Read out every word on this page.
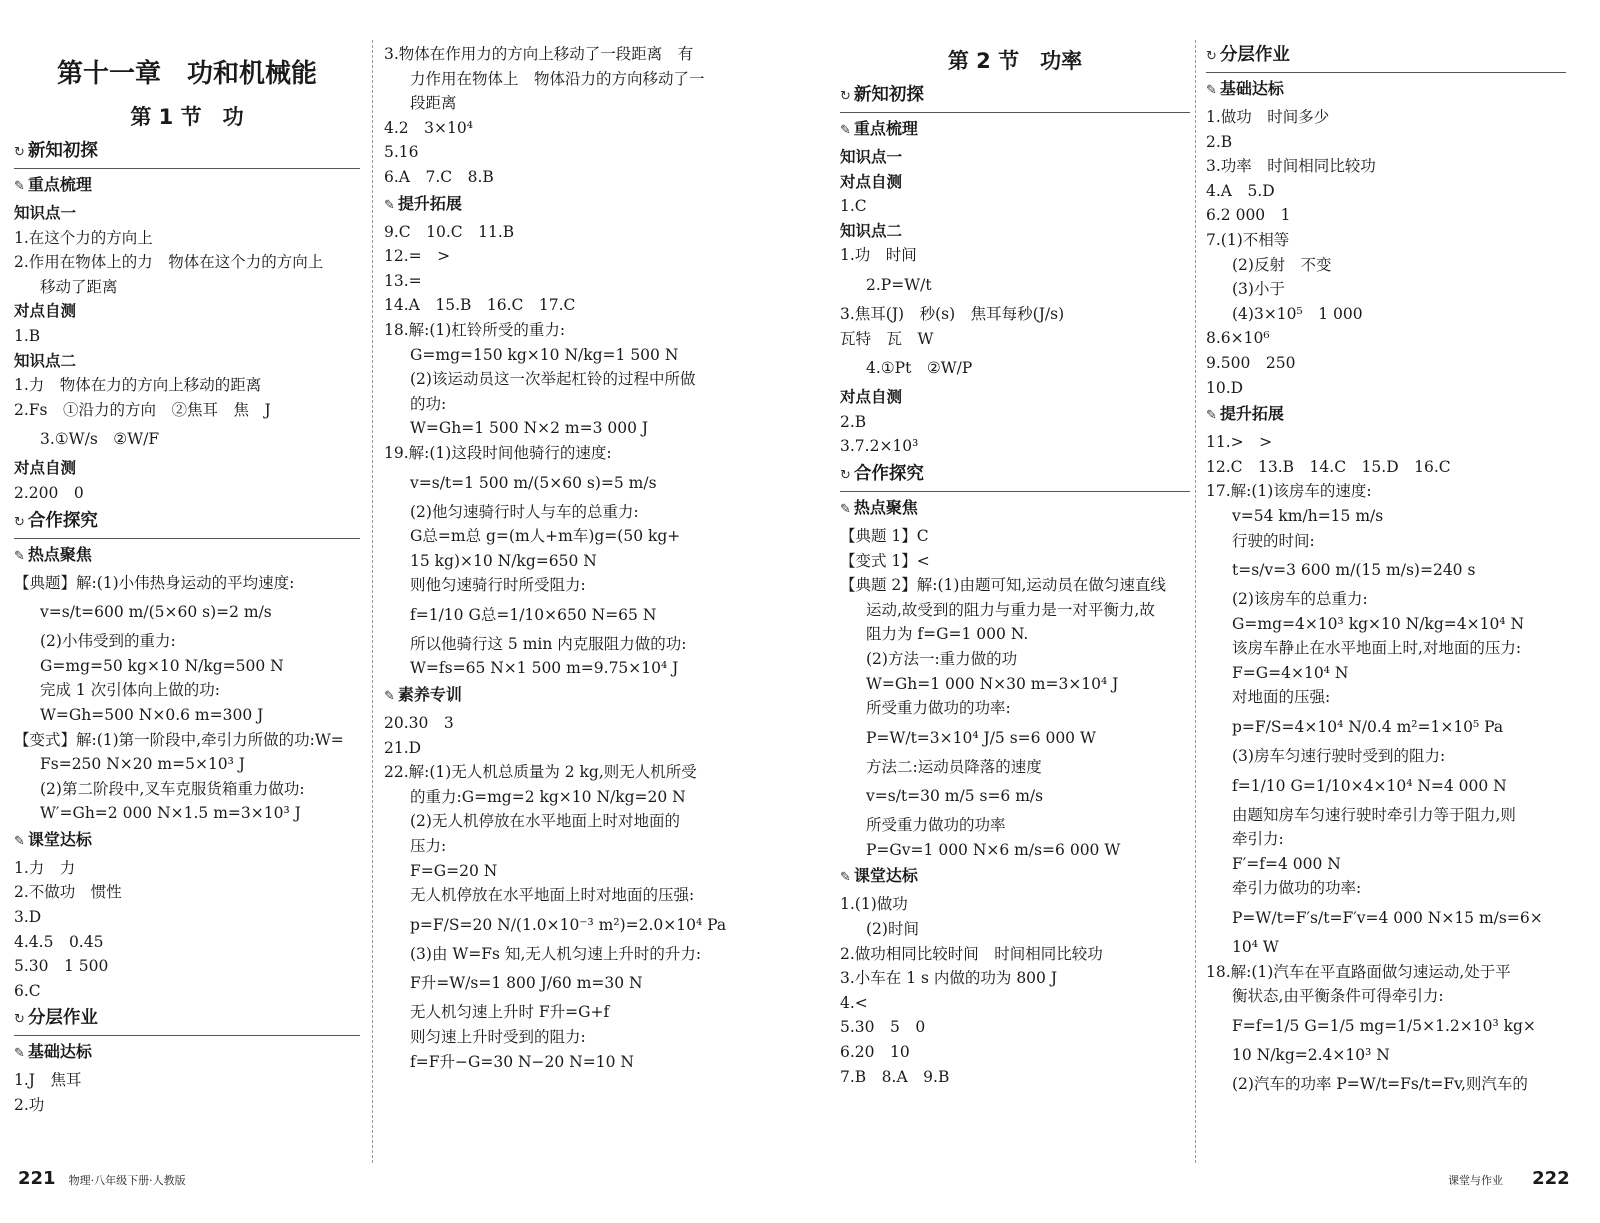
第十一章　功和机械能
第 1 节　功
↻ 新知初探
✎ 重点梳理
知识点一
1.在这个力的方向上
2.作用在物体上的力　物体在这个力的方向上
移动了距离
对点自测
1.B
知识点二
1.力　物体在力的方向上移动的距离
2.Fs　①沿力的方向　②焦耳　焦　J
3.①W/s　②W/F
对点自测
2.200　0
↻ 合作探究
✎ 热点聚焦
【典题】解:(1)小伟热身运动的平均速度:
v=s/t=600 m/(5×60 s)=2 m/s
(2)小伟受到的重力:
G=mg=50 kg×10 N/kg=500 N
完成 1 次引体向上做的功:
W=Gh=500 N×0.6 m=300 J
【变式】解:(1)第一阶段中,牵引力所做的功:W=
Fs=250 N×20 m=5×10³ J
(2)第二阶段中,叉车克服货箱重力做功:
W′=Gh=2 000 N×1.5 m=3×10³ J
✎ 课堂达标
1.力　力
2.不做功　惯性
3.D
4.4.5　0.45
5.30　1 500
6.C
↻ 分层作业
✎ 基础达标
1.J　焦耳
2.功
3.物体在作用力的方向上移动了一段距离　有
力作用在物体上　物体沿力的方向移动了一
段距离
4.2　3×10⁴
5.16
6.A　7.C　8.B
✎ 提升拓展
9.C　10.C　11.B
12.=　>
13.=
14.A　15.B　16.C　17.C
18.解:(1)杠铃所受的重力:
G=mg=150 kg×10 N/kg=1 500 N
(2)该运动员这一次举起杠铃的过程中所做
的功:
W=Gh=1 500 N×2 m=3 000 J
19.解:(1)这段时间他骑行的速度:
v=s/t=1 500 m/(5×60 s)=5 m/s
(2)他匀速骑行时人与车的总重力:
G总=m总 g=(m人+m车)g=(50 kg+
15 kg)×10 N/kg=650 N
则他匀速骑行时所受阻力:
f=1/10 G总=1/10×650 N=65 N
所以他骑行这 5 min 内克服阻力做的功:
W=fs=65 N×1 500 m=9.75×10⁴ J
✎ 素养专训
20.30　3
21.D
22.解:(1)无人机总质量为 2 kg,则无人机所受
的重力:G=mg=2 kg×10 N/kg=20 N
(2)无人机停放在水平地面上时对地面的
压力:
F=G=20 N
无人机停放在水平地面上时对地面的压强:
p=F/S=20 N/(1.0×10⁻³ m²)=2.0×10⁴ Pa
(3)由 W=Fs 知,无人机匀速上升时的升力:
F升=W/s=1 800 J/60 m=30 N
无人机匀速上升时 F升=G+f
则匀速上升时受到的阻力:
f=F升−G=30 N−20 N=10 N
第 2 节　功率
↻ 新知初探
✎ 重点梳理
知识点一
对点自测
1.C
知识点二
1.功　时间
2.P=W/t
3.焦耳(J)　秒(s)　焦耳每秒(J/s)
瓦特　瓦　W
4.①Pt　②W/P
对点自测
2.B
3.7.2×10³
↻ 合作探究
✎ 热点聚焦
【典题 1】C
【变式 1】<
【典题 2】解:(1)由题可知,运动员在做匀速直线
运动,故受到的阻力与重力是一对平衡力,故
阻力为 f=G=1 000 N.
(2)方法一:重力做的功
W=Gh=1 000 N×30 m=3×10⁴ J
所受重力做功的功率:
P=W/t=3×10⁴ J/5 s=6 000 W
方法二:运动员降落的速度
v=s/t=30 m/5 s=6 m/s
所受重力做功的功率
P=Gv=1 000 N×6 m/s=6 000 W
✎ 课堂达标
1.(1)做功
(2)时间
2.做功相同比较时间　时间相同比较功
3.小车在 1 s 内做的功为 800 J
4.<
5.30　5　0
6.20　10
7.B　8.A　9.B
↻ 分层作业
✎ 基础达标
1.做功　时间多少
2.B
3.功率　时间相同比较功
4.A　5.D
6.2 000　1
7.(1)不相等
(2)反射　不变
(3)小于
(4)3×10⁵　1 000
8.6×10⁶
9.500　250
10.D
✎ 提升拓展
11.>　>
12.C　13.B　14.C　15.D　16.C
17.解:(1)该房车的速度:
v=54 km/h=15 m/s
行驶的时间:
t=s/v=3 600 m/(15 m/s)=240 s
(2)该房车的总重力:
G=mg=4×10³ kg×10 N/kg=4×10⁴ N
该房车静止在水平地面上时,对地面的压力:
F=G=4×10⁴ N
对地面的压强:
p=F/S=4×10⁴ N/0.4 m²=1×10⁵ Pa
(3)房车匀速行驶时受到的阻力:
f=1/10 G=1/10×4×10⁴ N=4 000 N
由题知房车匀速行驶时牵引力等于阻力,则
牵引力:
F′=f=4 000 N
牵引力做功的功率:
P=W/t=F′s/t=F′v=4 000 N×15 m/s=6×
10⁴ W
18.解:(1)汽车在平直路面做匀速运动,处于平
衡状态,由平衡条件可得牵引力:
F=f=1/5 G=1/5 mg=1/5×1.2×10³ kg×
10 N/kg=2.4×10³ N
(2)汽车的功率 P=W/t=Fs/t=Fv,则汽车的
221 物理·八年级下册·人教版	课堂与作业 222
